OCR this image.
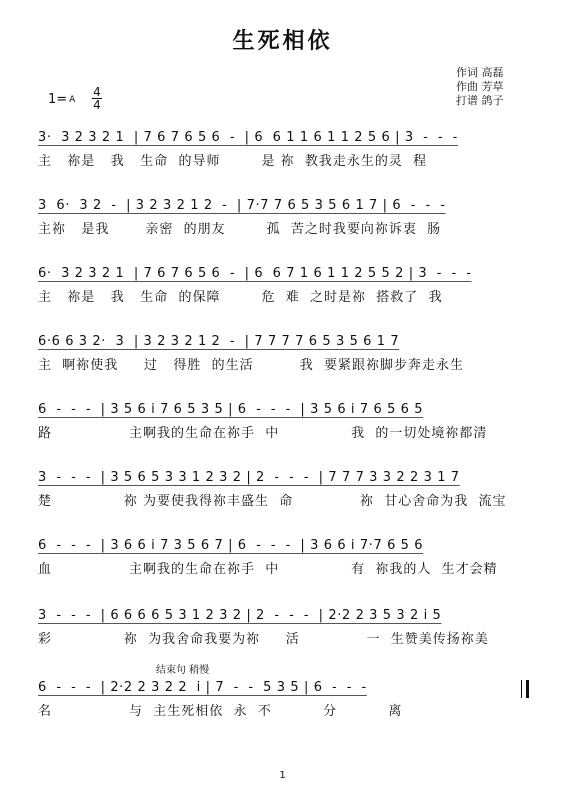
生死相依
作词 高磊
作曲 芳草
打谱 鸽子
1= A
4
4
3·  3 2 3 2 1  | 7 6 7 6 5 6  -  | 6  6 1 1 6 1 1 2 5 6 | 3  -  -  -
主   祢是   我   生命  的导师        是 祢  教我走永生的灵  程
3  6·  3 2  -  | 3 2 3 2 1 2  -  | 7·7 7 6 5 3 5 6 1 7 | 6  -  -  -
主祢   是我       亲密  的朋友        孤  苦之时我要向祢诉衷  肠
6·  3 2 3 2 1  | 7 6 7 6 5 6  -  | 6  6 7 1 6 1 1 2 5 5 2 | 3  -  -  -
主   祢是   我   生命  的保障        危  难  之时是祢  搭救了  我
6·6 6 3 2·  3  | 3 2 3 2 1 2  -  | 7 7 7 7 6 5 3 5 6 1 7
主  啊祢使我     过   得胜  的生活         我  要紧跟祢脚步奔走永生
6  -  -  -  | 3 5 6 i 7 6 5 3 5 | 6  -  -  -  | 3 5 6 i 7 6 5 6 5
路               主啊我的生命在祢手  中              我  的一切处境祢都清
3  -  -  -  | 3 5 6 5 3 3 1 2 3 2 | 2  -  -  -  | 7 7 7 3 3 2 2 3 1 7
楚              祢 为要使我得祢丰盛生  命             祢  甘心舍命为我  流宝
6  -  -  -  | 3 6 6 i 7 3 5 6 7 | 6  -  -  -  | 3 6 6 i 7·7 6 5 6
血               主啊我的生命在祢手  中              有  祢我的人  生才会精
3  -  -  -  | 6 6 6 6 5 3 1 2 3 2 | 2  -  -  -  | 2·2 2 3 5 3 2 i 5
彩              祢  为我舍命我要为祢     活             一  生赞美传扬祢美
结束句 稍慢
6  -  -  -  | 2·2 2 3 2 2  i | 7  -  -  5 3 5 | 6  -  -  -
名               与  主生死相依  永  不          分          离
1
